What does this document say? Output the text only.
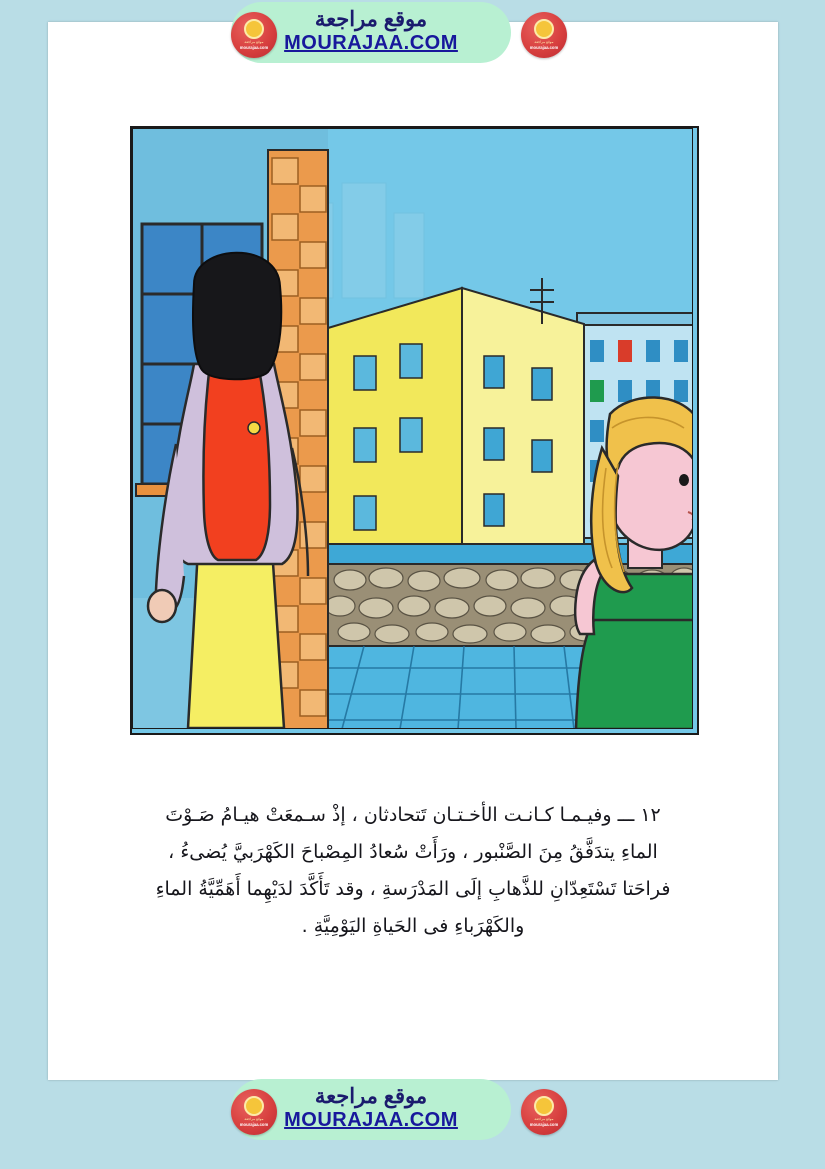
١٢ ـــ وفيـمـا كـانـت الأخـتـان تَتحادثان ، إذْ سـمعَتْ هيـامُ صَـوْتَ
الماءِ يتدَفَّقُ مِنَ الصَّنْبور ، ورَأَتْ سُعادُ المِصْباحَ الكَهْرَبيَّ يُضىءُ ،
فراحَتا تَسْتَعِدّانِ للذَّهابِ إلَى المَدْرَسةِ ، وقد تَأَكَّدَ لدَيْهِما أَهَمِّيَّةُ الماءِ
والكَهْرَباءِ فى الحَياةِ اليَوْمِيَّةِ .
موقع مراجعة
MOURAJAA.COM
موقع مراجعة
mourajaa.com
موقع مراجعة
mourajaa.com
موقع مراجعة
MOURAJAA.COM
موقع مراجعة
mourajaa.com
موقع مراجعة
mourajaa.com
